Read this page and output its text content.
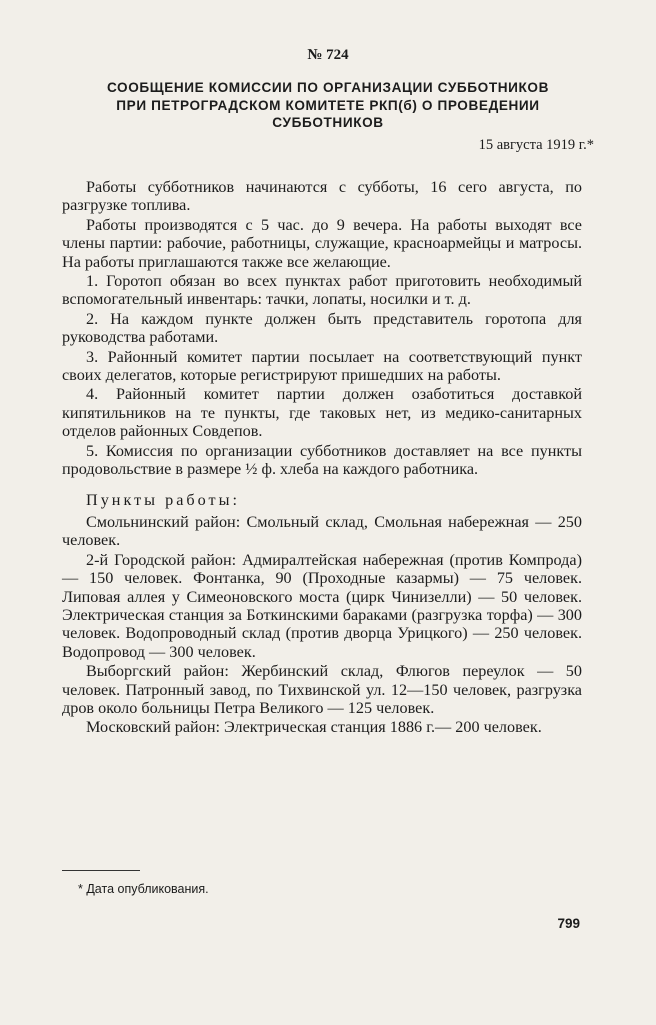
№ 724
СООБЩЕНИЕ КОМИССИИ ПО ОРГАНИЗАЦИИ СУББОТНИКОВ
ПРИ ПЕТРОГРАДСКОМ КОМИТЕТЕ РКП(б) О ПРОВЕДЕНИИ
СУББОТНИКОВ
15 августа 1919 г.*

Работы субботников начинаются с субботы, 16 сего августа, по разгрузке топлива.

Работы производятся с 5 час. до 9 вечера. На работы выходят все члены партии: рабочие, работницы, служащие, красноармейцы и матросы. На работы приглашаются также все желающие.

1. Горотоп обязан во всех пунктах работ приготовить необходимый вспомогательный инвентарь: тачки, лопаты, носилки и т. д.

2. На каждом пункте должен быть представитель горотопа для руководства работами.

3. Районный комитет партии посылает на соответствующий пункт своих делегатов, которые регистрируют пришедших на работы.

4. Районный комитет партии должен озаботиться доставкой кипятильников на те пункты, где таковых нет, из медико-санитарных отделов районных Совдепов.

5. Комиссия по организации субботников доставляет на все пункты продовольствие в размере ½ ф. хлеба на каждого работника.

Пункты работы:

Смольнинский район: Смольный склад, Смольная набережная — 250 человек.

2-й Городской район: Адмиралтейская набережная (против Компрода) — 150 человек. Фонтанка, 90 (Проходные казармы) — 75 человек. Липовая аллея у Симеоновского моста (цирк Чинизелли) — 50 человек. Электрическая станция за Боткинскими бараками (разгрузка торфа) — 300 человек. Водопроводный склад (против дворца Урицкого) — 250 человек. Водопровод — 300 человек.

Выборгский район: Жербинский склад, Флюгов переулок — 50 человек. Патронный завод, по Тихвинской ул. 12—150 человек, разгрузка дров около больницы Петра Великого — 125 человек.

Московский район: Электрическая станция 1886 г.— 200 человек.

* Дата опубликования.
799
